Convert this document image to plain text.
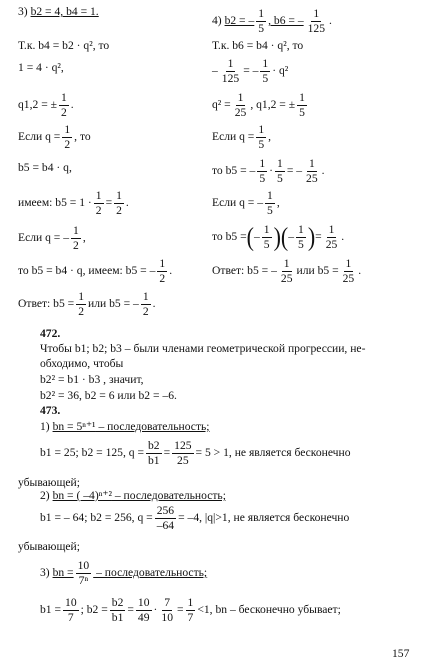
3) b2 = 4, b4 = 1.
Т.к. b4 = b2 · q², то
1 = 4 · q²,
q1,2 = ± $\frac{1}{2}$ .
Если $q = \frac{1}{2}$ , то
b5 = b4 · q,
имеем: $b5 = 1 \cdot \frac{1}{2} = \frac{1}{2}$ .
Если q = – $\frac{1}{2}$ ,
то b5 = b4 · q, имеем: b5 = – $\frac{1}{2}$ .
Ответ: $b5 = \frac{1}{2}$ или b5 = – $\frac{1}{2}$ .
4) b2 = – $\frac{1}{5}$ , b6 = – $\frac{1}{125}$ .
Т.к. b6 = b4 · q², то
– $\frac{1}{125}$ = – $\frac{1}{5} \cdot q^2$
$q^2 = \frac{1}{25}$ , q1,2 = ± $\frac{1}{5}$
Если $q = \frac{1}{5}$ ,
то b5 = – $\frac{1}{5} \cdot \frac{1}{5}$ = – $\frac{1}{25}$ .
Если q = – $\frac{1}{5}$ ,
то b5 =(– $\frac{1}{5}$ )(– $\frac{1}{5}$ )= $\frac{1}{25}$ .
Ответ: b5 = – $\frac{1}{25}$ или $b5 = \frac{1}{25}$ .
472.
Чтобы b1; b2; b3 – были членами геометрической прогрессии, не-
обходимо, чтобы
b2² = b1 · b3 , значит,
b2² = 36, b2 = 6 или b2 = –6.
473.
1) bn = 5ⁿ⁺¹ – последовательность;
b1 = 25; b2 = 125, $q = \frac{b2}{b1} = \frac{125}{25} = 5 > 1$, не является бесконечно
убывающей;
2) bn = ( –4)ⁿ⁺² – последовательность;
b1 = – 64; b2 = 256, $q = \frac{256}{-64} = -4$, |q|>1, не является бесконечно
убывающей;
3) bn = $\frac{10}{\text{7ⁿ}}$ – последовательность;
$b1 = \frac{10}{7}$ ; $b2 = \frac{b2}{b1} = \frac{10}{49} \cdot \frac{7}{10} = \frac{1}{7} <1$, bn – бесконечно убывает;
157
